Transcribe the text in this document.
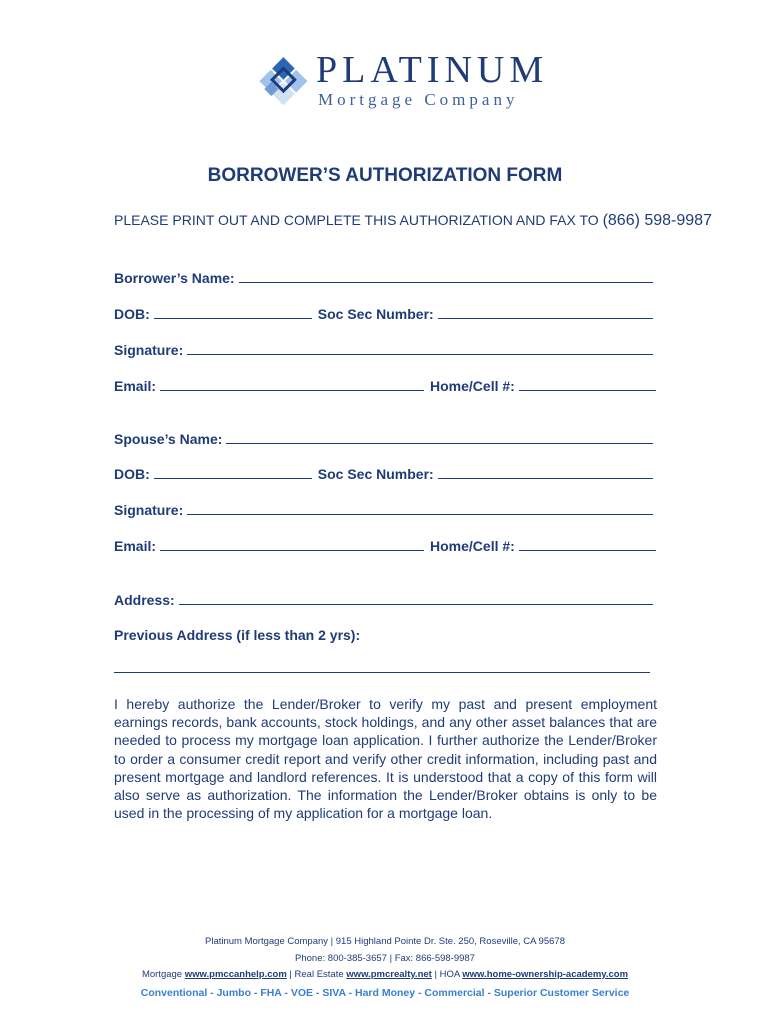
PLATINUM
Mortgage Company
BORROWER’S AUTHORIZATION FORM
PLEASE PRINT OUT AND COMPLETE THIS AUTHORIZATION AND FAX TO (866) 598-9987
Borrower’s Name:
DOB:	Soc Sec Number:
Signature:
Email:	Home/Cell #:
Spouse’s Name:
DOB:	Soc Sec Number:
Signature:
Email:	Home/Cell #:
Address:
Previous Address (if less than 2 yrs):
I hereby authorize the Lender/Broker to verify my past and present employment earnings records, bank accounts, stock holdings, and any other asset balances that are needed to process my mortgage loan application. I further authorize the Lender/Broker to order a consumer credit report and verify other credit information, including past and present mortgage and landlord references. It is understood that a copy of this form will also serve as authorization. The information the Lender/Broker obtains is only to be used in the processing of my application for a mortgage loan.
Platinum Mortgage Company | 915 Highland Pointe Dr. Ste. 250, Roseville, CA 95678
Phone: 800-385-3657 | Fax: 866-598-9987
Mortgage www.pmccanhelp.com | Real Estate www.pmcrealty.net | HOA www.home-ownership-academy.com
Conventional - Jumbo - FHA - VOE - SIVA - Hard Money - Commercial - Superior Customer Service
